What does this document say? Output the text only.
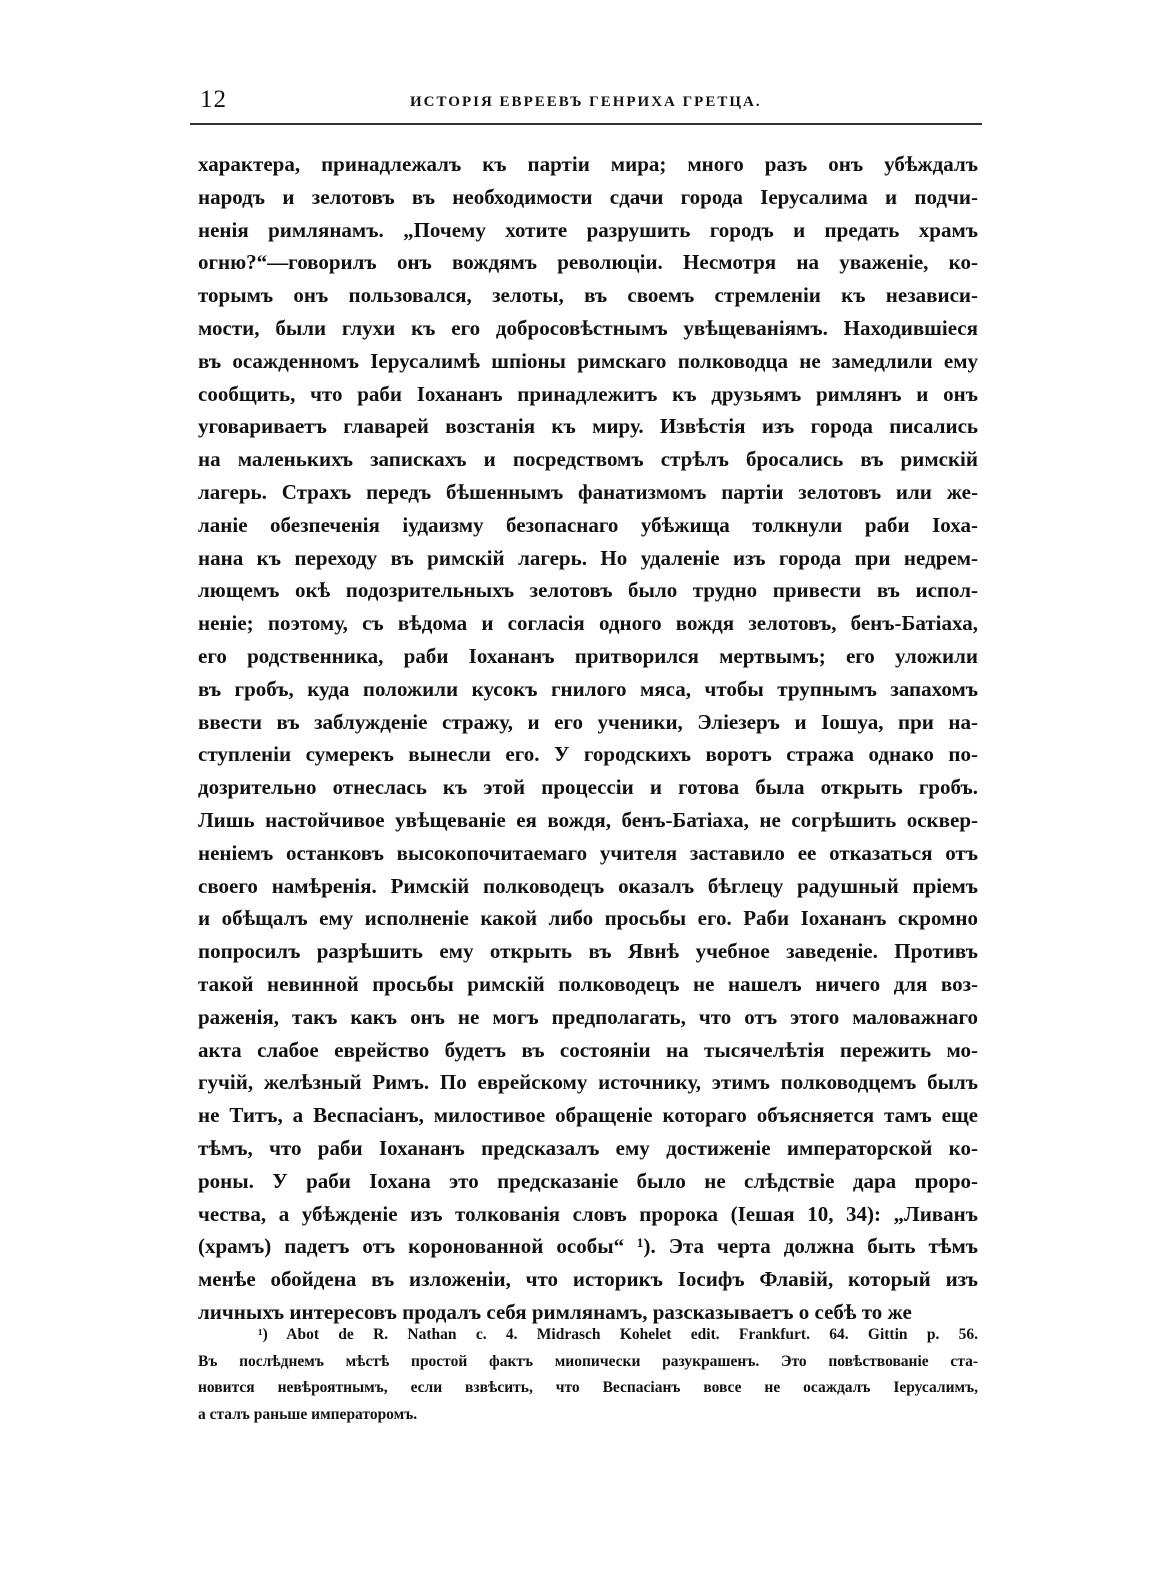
12	ИСТОРІЯ ЕВРЕЕВЪ ГЕНРИХА ГРЕТЦА.
характера, принадлежалъ къ партіи мира; много разъ онъ убѣждалъ
народъ и зелотовъ въ необходимости сдачи города Іерусалима и подчи-
ненія римлянамъ. „Почему хотите разрушить городъ и предать храмъ
огню?“—говорилъ онъ вождямъ революціи. Несмотря на уваженіе, ко-
торымъ онъ пользовался, зелоты, въ своемъ стремленіи къ независи-
мости, были глухи къ его добросовѣстнымъ увѣщеваніямъ. Находившіеся
въ осажденномъ Іерусалимѣ шпіоны римскаго полководца не замедлили ему
сообщить, что раби Іохананъ принадлежитъ къ друзьямъ римлянъ и онъ
уговариваетъ главарей возстанія къ миру. Извѣстія изъ города писались
на маленькихъ запискахъ и посредствомъ стрѣлъ бросались въ римскій
лагерь. Страхъ передъ бѣшеннымъ фанатизмомъ партіи зелотовъ или же-
ланіе обезпеченія іудаизму безопаснаго убѣжища толкнули раби Іоха-
нана къ переходу въ римскій лагерь. Но удаленіе изъ города при недрем-
лющемъ окѣ подозрительныхъ зелотовъ было трудно привести въ испол-
неніе; поэтому, съ вѣдома и согласія одного вождя зелотовъ, бенъ-Батіаха,
его родственника, раби Іохананъ притворился мертвымъ; его уложили
въ гробъ, куда положили кусокъ гнилого мяса, чтобы трупнымъ запахомъ
ввести въ заблужденіе стражу, и его ученики, Эліезеръ и Іошуа, при на-
ступленіи сумерекъ вынесли его. У городскихъ воротъ стража однако по-
дозрительно отнеслась къ этой процессіи и готова была открыть гробъ.
Лишь настойчивое увѣщеваніе ея вождя, бенъ-Батіаха, не согрѣшить осквер-
неніемъ останковъ высокопочитаемаго учителя заставило ее отказаться отъ
своего намѣренія. Римскій полководецъ оказалъ бѣглецу радушный пріемъ
и обѣщалъ ему исполненіе какой либо просьбы его. Раби Іохананъ скромно
попросилъ разрѣшить ему открыть въ Явнѣ учебное заведеніе. Противъ
такой невинной просьбы римскій полководецъ не нашелъ ничего для воз-
раженія, такъ какъ онъ не могъ предполагать, что отъ этого маловажнаго
акта слабое еврейство будетъ въ состояніи на тысячелѣтія пережить мо-
гучій, желѣзный Римъ. По еврейскому источнику, этимъ полководцемъ былъ
не Титъ, а Веспасіанъ, милостивое обращеніе котораго объясняется тамъ еще
тѣмъ, что раби Іохананъ предсказалъ ему достиженіе императорской ко-
роны. У раби Іохана это предсказаніе было не слѣдствіе дара проро-
чества, а убѣжденіе изъ толкованія словъ пророка (Іешая 10, 34): „Ливанъ
(храмъ) падетъ отъ коронованной особы“ ¹). Эта черта должна быть тѣмъ
менѣе обойдена въ изложеніи, что историкъ Іосифъ Флавій, который изъ
личныхъ интересовъ продалъ себя римлянамъ, разсказываетъ о себѣ то же
¹) Abot de R. Nathan c. 4. Midrasch Kohelet edit. Frankfurt. 64. Gittin p. 56.
Въ послѣднемъ мѣстѣ простой фактъ миопически разукрашенъ. Это повѣствованіе ста-
новится невѣроятнымъ, если взвѣсить, что Веспасіанъ вовсе не осаждалъ Іерусалимъ,
а сталъ раньше императоромъ.
